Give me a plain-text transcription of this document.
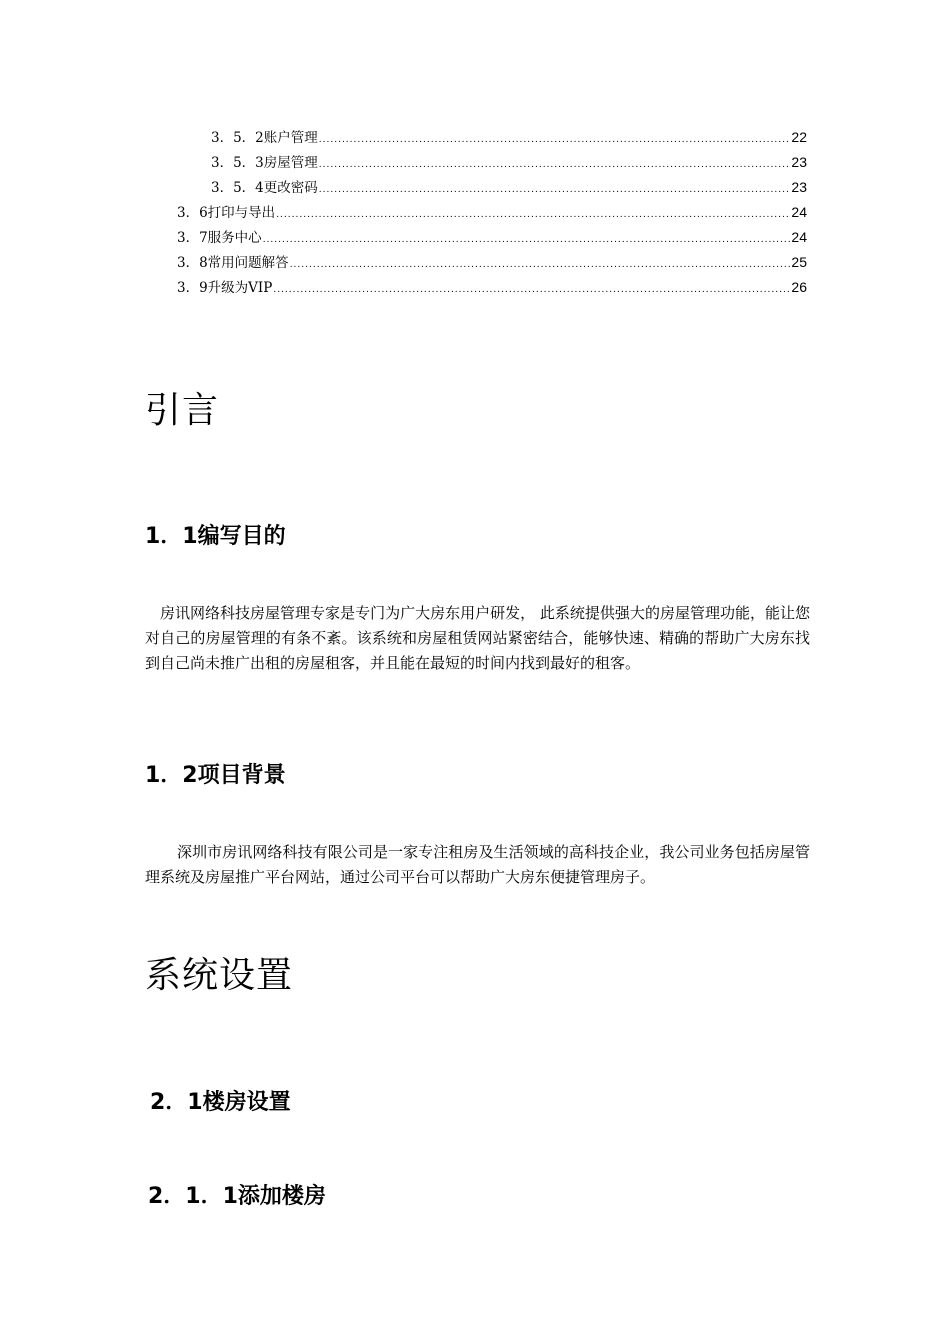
3．5．2账户管理 .....	22
3．5．3房屋管理 .....	23
3．5．4更改密码 .....	23
3．6打印与导出 .....	24
3．7服务中心 .....	24
3．8常用问题解答 .....	25
3．9升级为VIP .....	26
引言
1．1编写目的

房讯网络科技房屋管理专家是专门为广大房东用户研发， 此系统提供强大的房屋管理功能，能让您对自己的房屋管理的有条不紊。该系统和房屋租赁网站紧密结合，能够快速、精确的帮助广大房东找到自己尚未推广出租的房屋租客，并且能在最短的时间内找到最好的租客。

1．2项目背景

深圳市房讯网络科技有限公司是一家专注租房及生活领域的高科技企业，我公司业务包括房屋管理系统及房屋推广平台网站，通过公司平台可以帮助广大房东便捷管理房子。

系统设置
2．1楼房设置
2．1．1添加楼房
